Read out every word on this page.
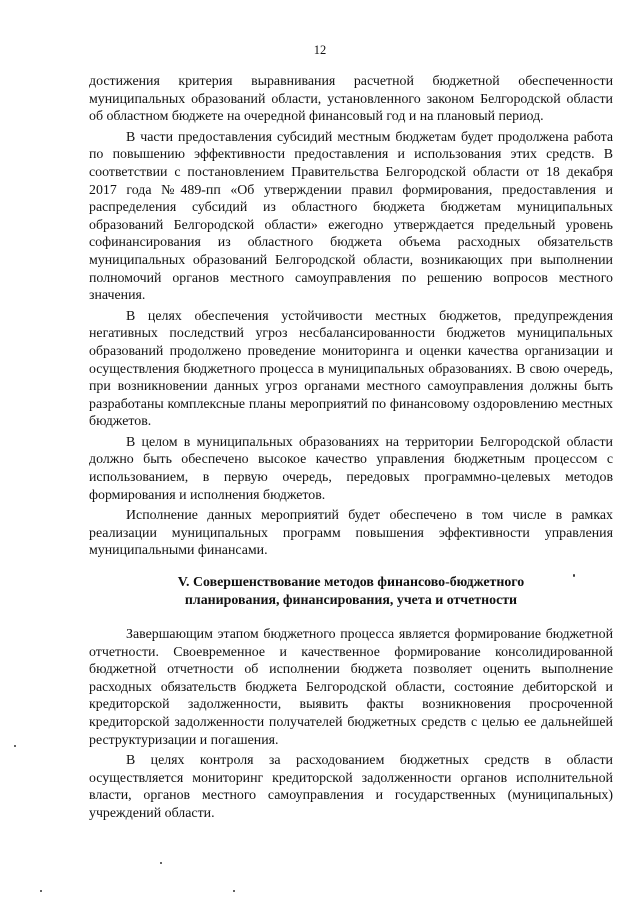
12

достижения критерия выравнивания расчетной бюджетной обеспеченности муниципальных образований области, установленного законом Белгородской области об областном бюджете на очередной финансовый год и на плановый период.

В части предоставления субсидий местным бюджетам будет продолжена работа по повышению эффективности предоставления и использования этих средств. В соответствии с постановлением Правительства Белгородской области от 18 декабря 2017 года №489-пп «Об утверждении правил формирования, предоставления и распределения субсидий из областного бюджета бюджетам муниципальных образований Белгородской области» ежегодно утверждается предельный уровень софинансирования из областного бюджета объема расходных обязательств муниципальных образований Белгородской области, возникающих при выполнении полномочий органов местного самоуправления по решению вопросов местного значения.

В целях обеспечения устойчивости местных бюджетов, предупреждения негативных последствий угроз несбалансированности бюджетов муниципальных образований продолжено проведение мониторинга и оценки качества организации и осуществления бюджетного процесса в муниципальных образованиях. В свою очередь, при возникновении данных угроз органами местного самоуправления должны быть разработаны комплексные планы мероприятий по финансовому оздоровлению местных бюджетов.

В целом в муниципальных образованиях на территории Белгородской области должно быть обеспечено высокое качество управления бюджетным процессом с использованием, в первую очередь, передовых программно-целевых методов формирования и исполнения бюджетов.

Исполнение данных мероприятий будет обеспечено в том числе в рамках реализации муниципальных программ повышения эффективности управления муниципальными финансами.

V. Совершенствование методов финансово-бюджетного
планирования, финансирования, учета и отчетности

Завершающим этапом бюджетного процесса является формирование бюджетной отчетности. Своевременное и качественное формирование консолидированной бюджетной отчетности об исполнении бюджета позволяет оценить выполнение расходных обязательств бюджета Белгородской области, состояние дебиторской и кредиторской задолженности, выявить факты возникновения просроченной кредиторской задолженности получателей бюджетных средств с целью ее дальнейшей реструктуризации и погашения.

В целях контроля за расходованием бюджетных средств в области осуществляется мониторинг кредиторской задолженности органов исполнительной власти, органов местного самоуправления и государственных (муниципальных) учреждений области.
